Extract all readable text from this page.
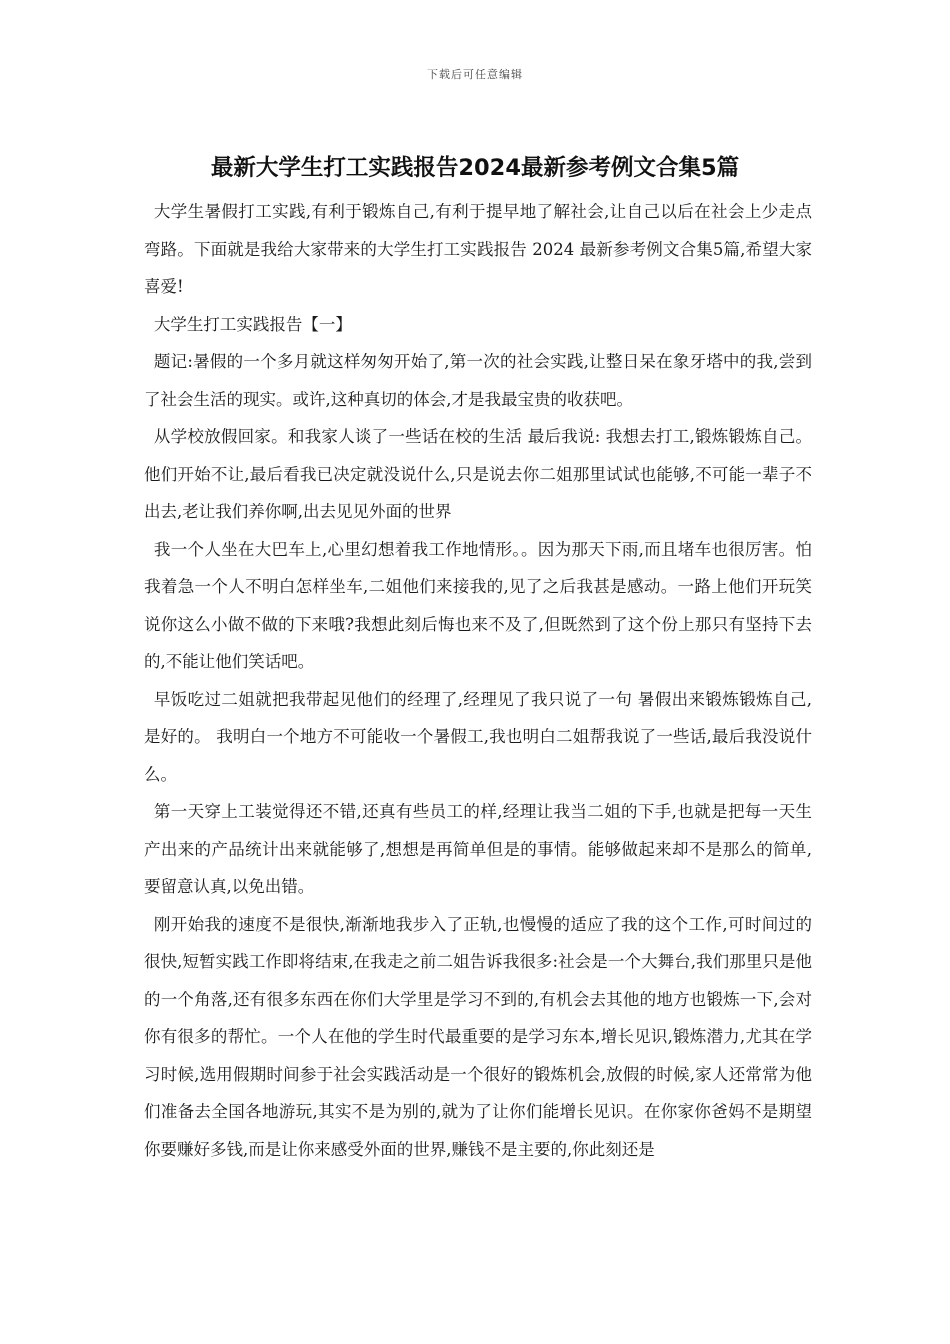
下载后可任意编辑
最新大学生打工实践报告2024最新参考例文合集5篇

大学生暑假打工实践,有利于锻炼自己,有利于提早地了解社会,让自己以后在社会上少走点弯路。下面就是我给大家带来的大学生打工实践报告 2024 最新参考例文合集5篇,希望大家喜爱!

大学生打工实践报告【一】

题记:暑假的一个多月就这样匆匆开始了,第一次的社会实践,让整日呆在象牙塔中的我,尝到了社会生活的现实。或许,这种真切的体会,才是我最宝贵的收获吧。

从学校放假回家。和我家人谈了一些话在校的生活 最后我说: 我想去打工,锻炼锻炼自己。 他们开始不让,最后看我已决定就没说什么,只是说去你二姐那里试试也能够,不可能一辈子不出去,老让我们养你啊,出去见见外面的世界

我一个人坐在大巴车上,心里幻想着我工作地情形。。因为那天下雨,而且堵车也很厉害。怕我着急一个人不明白怎样坐车,二姐他们来接我的,见了之后我甚是感动。一路上他们开玩笑说你这么小做不做的下来哦?我想此刻后悔也来不及了,但既然到了这个份上那只有坚持下去的,不能让他们笑话吧。

早饭吃过二姐就把我带起见他们的经理了,经理见了我只说了一句 暑假出来锻炼锻炼自己,是好的。 我明白一个地方不可能收一个暑假工,我也明白二姐帮我说了一些话,最后我没说什么。

第一天穿上工装觉得还不错,还真有些员工的样,经理让我当二姐的下手,也就是把每一天生产出来的产品统计出来就能够了,想想是再简单但是的事情。能够做起来却不是那么的简单,要留意认真,以免出错。

刚开始我的速度不是很快,渐渐地我步入了正轨,也慢慢的适应了我的这个工作,可时间过的很快,短暂实践工作即将结束,在我走之前二姐告诉我很多:社会是一个大舞台,我们那里只是他的一个角落,还有很多东西在你们大学里是学习不到的,有机会去其他的地方也锻炼一下,会对你有很多的帮忙。一个人在他的学生时代最重要的是学习东本,增长见识,锻炼潜力,尤其在学习时候,选用假期时间参于社会实践活动是一个很好的锻炼机会,放假的时候,家人还常常为他们准备去全国各地游玩,其实不是为别的,就为了让你们能增长见识。在你家你爸妈不是期望你要赚好多钱,而是让你来感受外面的世界,赚钱不是主要的,你此刻还是
